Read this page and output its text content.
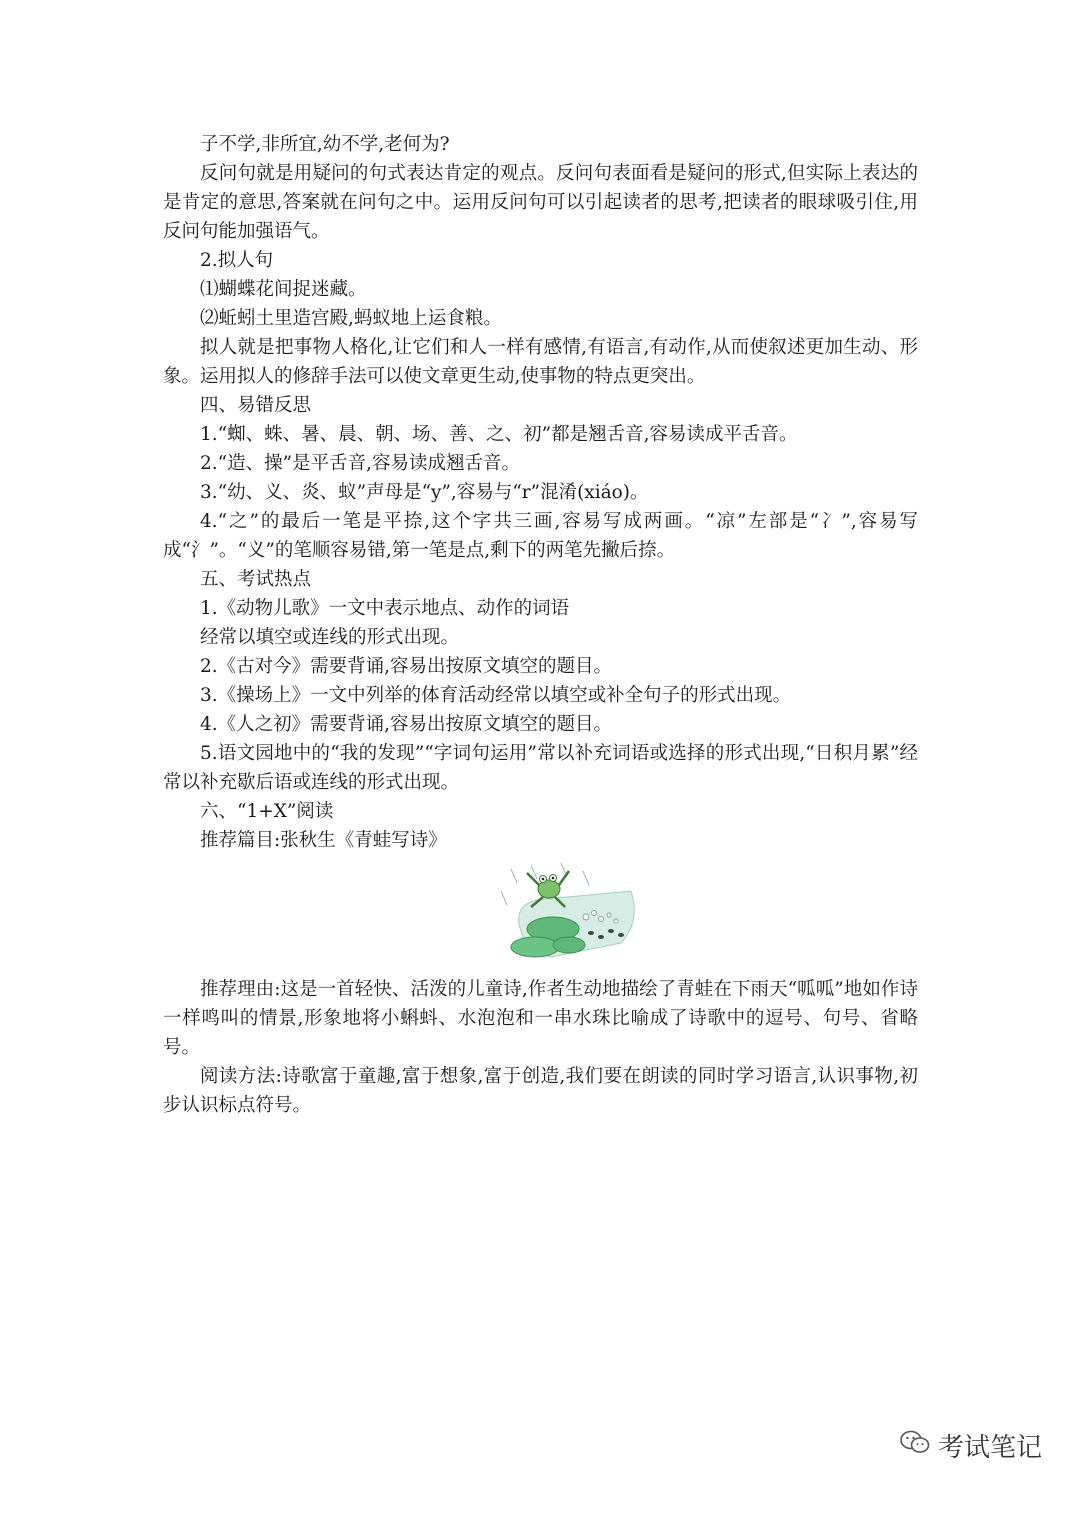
子不学,非所宜,幼不学,老何为?

反问句就是用疑问的句式表达肯定的观点。反问句表面看是疑问的形式,但实际上表达的是肯定的意思,答案就在问句之中。运用反问句可以引起读者的思考,把读者的眼球吸引住,用反问句能加强语气。

2.拟人句

⑴蝴蝶花间捉迷藏。

⑵蚯蚓土里造宫殿,蚂蚁地上运食粮。

拟人就是把事物人格化,让它们和人一样有感情,有语言,有动作,从而使叙述更加生动、形象。运用拟人的修辞手法可以使文章更生动,使事物的特点更突出。

四、易错反思

1.“蜘、蛛、暑、晨、朝、场、善、之、初”都是翘舌音,容易读成平舌音。

2.“造、操”是平舌音,容易读成翘舌音。

3.“幼、义、炎、蚁”声母是“y”,容易与“r”混淆(xiáo)。

4.“之”的最后一笔是平捺,这个字共三画,容易写成两画。“凉”左部是“冫”,容易写成“氵”。“义”的笔顺容易错,第一笔是点,剩下的两笔先撇后捺。

五、考试热点

1.《动物儿歌》一文中表示地点、动作的词语

经常以填空或连线的形式出现。

2.《古对今》需要背诵,容易出按原文填空的题目。

3.《操场上》一文中列举的体育活动经常以填空或补全句子的形式出现。

4.《人之初》需要背诵,容易出按原文填空的题目。

5.语文园地中的“我的发现”“字词句运用”常以补充词语或选择的形式出现,“日积月累”经常以补充歇后语或连线的形式出现。

六、“1+X”阅读

推荐篇目:张秋生《青蛙写诗》

推荐理由:这是一首轻快、活泼的儿童诗,作者生动地描绘了青蛙在下雨天“呱呱”地如作诗一样鸣叫的情景,形象地将小蝌蚪、水泡泡和一串水珠比喻成了诗歌中的逗号、句号、省略号。

阅读方法:诗歌富于童趣,富于想象,富于创造,我们要在朗读的同时学习语言,认识事物,初步认识标点符号。

考试笔记
